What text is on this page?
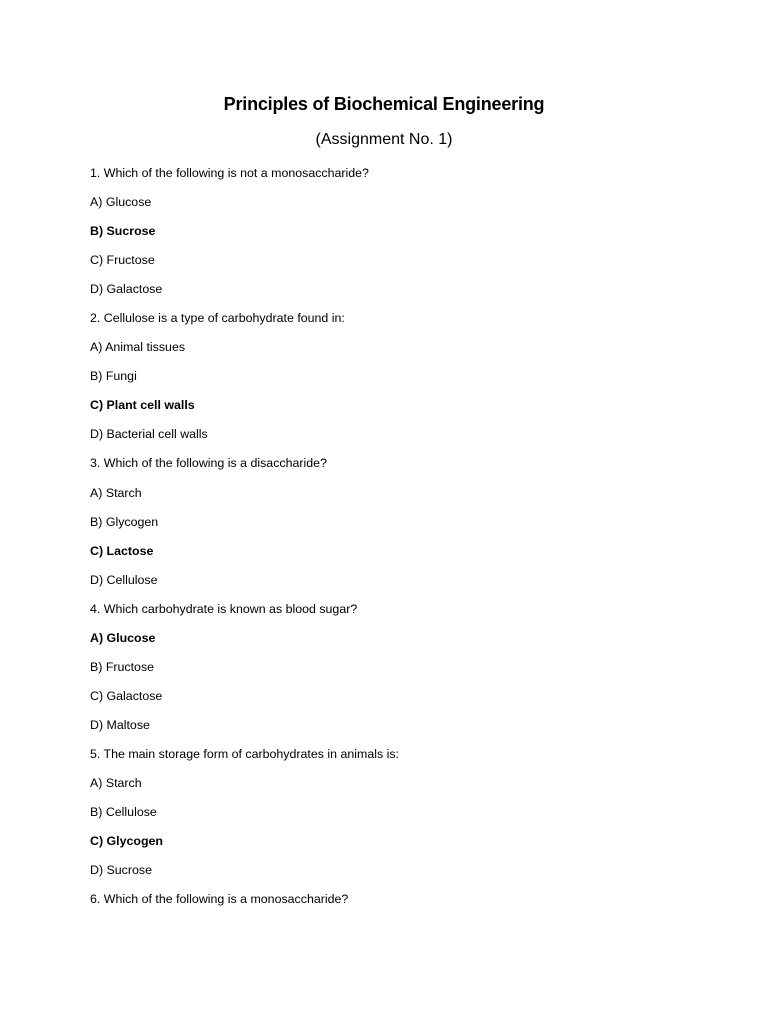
Principles of Biochemical Engineering
(Assignment No. 1)
1. Which of the following is not a monosaccharide?
A) Glucose
B) Sucrose
C) Fructose
D) Galactose
2. Cellulose is a type of carbohydrate found in:
A) Animal tissues
B) Fungi
C) Plant cell walls
D) Bacterial cell walls
3. Which of the following is a disaccharide?
A) Starch
B) Glycogen
C) Lactose
D) Cellulose
4. Which carbohydrate is known as blood sugar?
A) Glucose
B) Fructose
C) Galactose
D) Maltose
5. The main storage form of carbohydrates in animals is:
A) Starch
B) Cellulose
C) Glycogen
D) Sucrose
6. Which of the following is a monosaccharide?
